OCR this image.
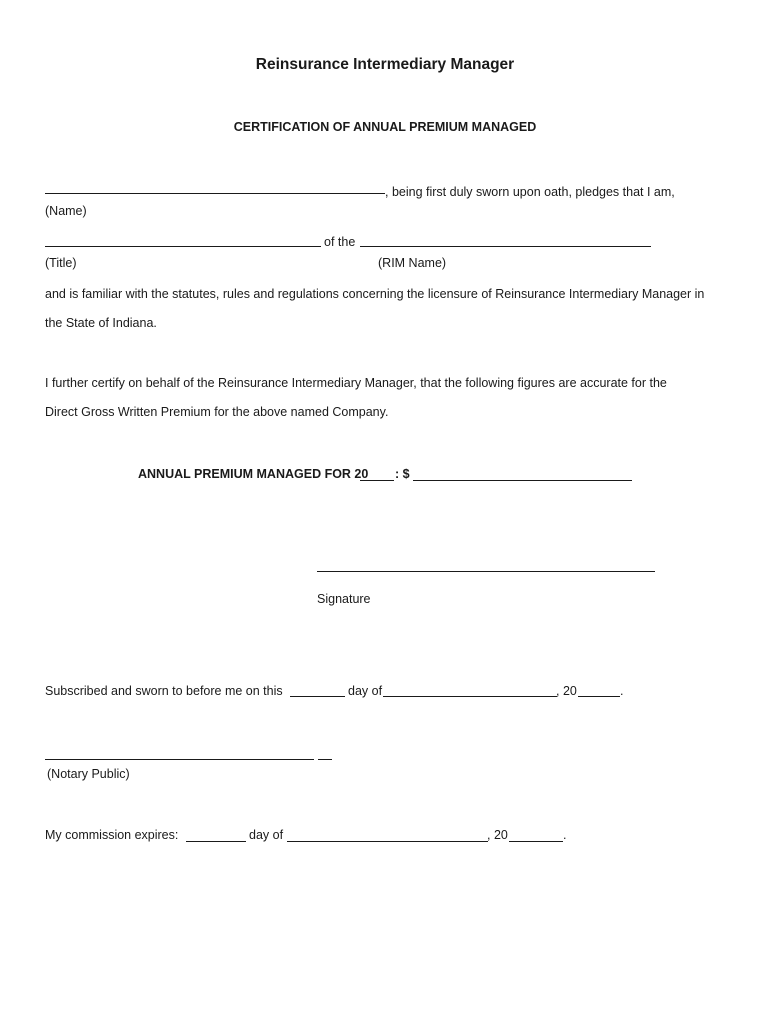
Reinsurance Intermediary Manager
CERTIFICATION OF ANNUAL PREMIUM MANAGED
, being first duly sworn upon oath, pledges that I am,
(Name)
of the
(Title)	(RIM Name)
and is familiar with the statutes, rules and regulations concerning the licensure of Reinsurance Intermediary Manager in
the State of Indiana.
I further certify on behalf of the Reinsurance Intermediary Manager, that the following figures are accurate for the
Direct Gross Written Premium for the above named Company.
ANNUAL PREMIUM MANAGED FOR 20 : $
Signature
Subscribed and sworn to before me on this	day of	, 20	.
(Notary Public)
My commission expires:	day of	, 20	.
